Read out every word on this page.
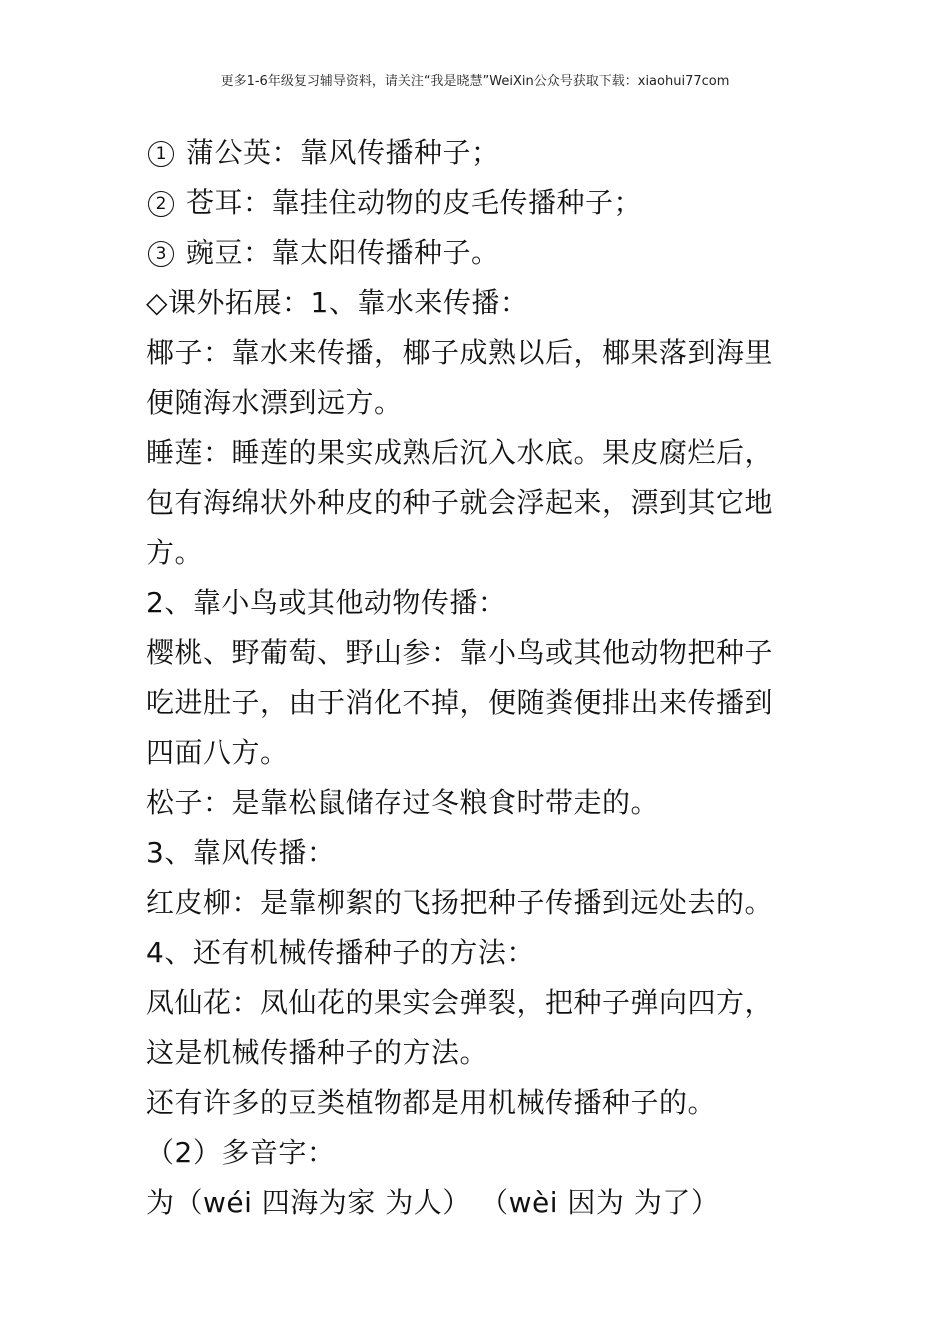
更多1-6年级复习辅导资料，请关注“我是晓慧”WeiXin公众号获取下载：xiaohui77com
1 蒲公英：靠风传播种子；
2 苍耳：靠挂住动物的皮毛传播种子；
3 豌豆：靠太阳传播种子。
◇课外拓展：1、靠水来传播：
椰子：靠水来传播，椰子成熟以后，椰果落到海里
便随海水漂到远方。
睡莲：睡莲的果实成熟后沉入水底。果皮腐烂后，
包有海绵状外种皮的种子就会浮起来，漂到其它地
方。
2、靠小鸟或其他动物传播：
樱桃、野葡萄、野山参：靠小鸟或其他动物把种子
吃进肚子，由于消化不掉，便随粪便排出来传播到
四面八方。
松子：是靠松鼠储存过冬粮食时带走的。
3、靠风传播：
红皮柳：是靠柳絮的飞扬把种子传播到远处去的。
4、还有机械传播种子的方法：
凤仙花：凤仙花的果实会弹裂，把种子弹向四方，
这是机械传播种子的方法。
还有许多的豆类植物都是用机械传播种子的。
（2）多音字：
为（wéi 四海为家 为人） （wèi 因为 为了）
